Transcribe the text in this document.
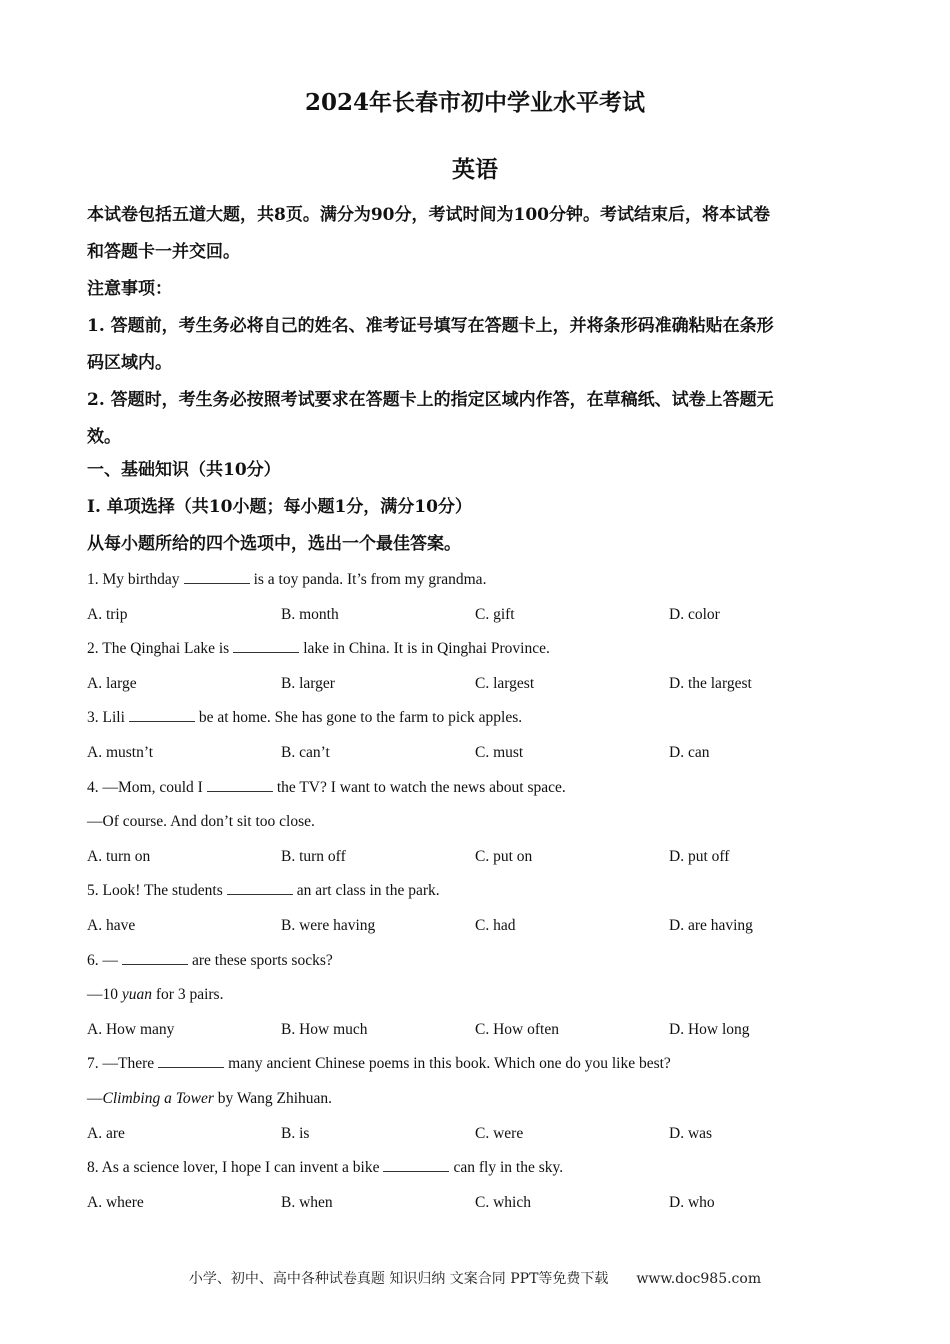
2024年长春市初中学业水平考试
英语

本试卷包括五道大题，共8页。满分为90分，考试时间为100分钟。考试结束后，将本试卷

和答题卡一并交回。

注意事项：

1. 答题前，考生务必将自己的姓名、准考证号填写在答题卡上，并将条形码准确粘贴在条形

码区域内。

2. 答题时，考生务必按照考试要求在答题卡上的指定区域内作答，在草稿纸、试卷上答题无

效。

一、基础知识（共10分）

I. 单项选择（共10小题；每小题1分，满分10分）

从每小题所给的四个选项中，选出一个最佳答案。

1. My birthday	is a toy panda. It’s from my grandma.
A. trip	B. month	C. gift	D. color
2. The Qinghai Lake is	lake in China. It is in Qinghai Province.
A. large	B. larger	C. largest	D. the largest
3. Lili	be at home. She has gone to the farm to pick apples.
A. mustn’t	B. can’t	C. must	D. can
4. —Mom, could I	the TV? I want to watch the news about space.
—Of course. And don’t sit too close.
A. turn on	B. turn off	C. put on	D. put off
5. Look! The students	an art class in the park.
A. have	B. were having	C. had	D. are having
6. —	are these sports socks?
—10 yuan for 3 pairs.
A. How many	B. How much	C. How often	D. How long
7. —There	many ancient Chinese poems in this book. Which one do you like best?
—Climbing a Tower by Wang Zhihuan.
A. are	B. is	C. were	D. was
8. As a science lover, I hope I can invent a bike	can fly in the sky.
A. where	B. when	C. which	D. who
小学、初中、高中各种试卷真题 知识归纳 文案合同 PPT等免费下载　　www.doc985.com
